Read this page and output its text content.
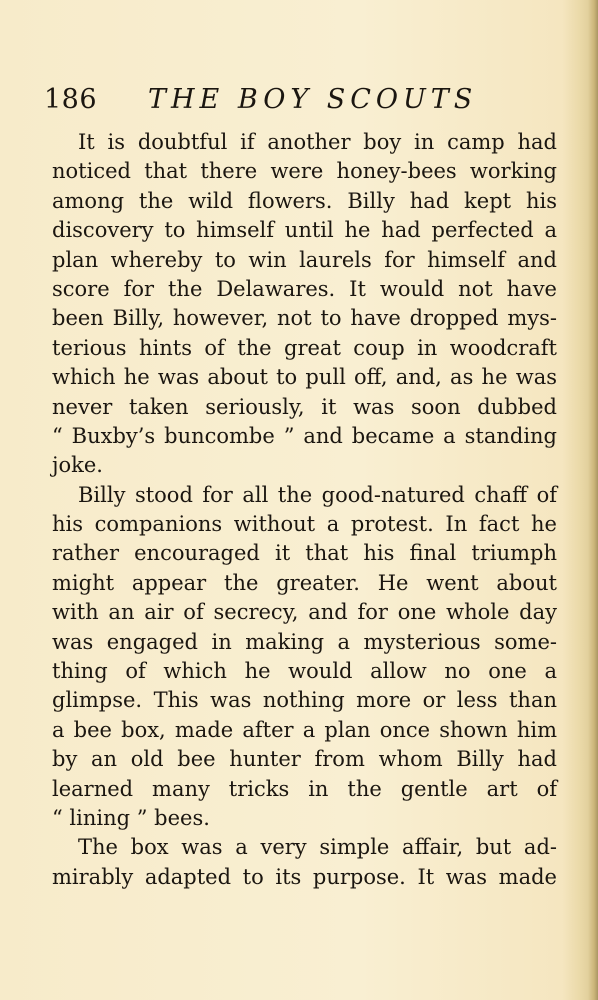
186 THE BOY SCOUTS
It is doubtful if another boy in camp had
noticed that there were honey-bees working
among the wild flowers. Billy had kept his
discovery to himself until he had perfected a
plan whereby to win laurels for himself and
score for the Delawares. It would not have
been Billy, however, not to have dropped mys-
terious hints of the great coup in woodcraft
which he was about to pull off, and, as he was
never taken seriously, it was soon dubbed
“ Buxby’s buncombe ” and became a standing
joke.
Billy stood for all the good-natured chaff of
his companions without a protest. In fact he
rather encouraged it that his final triumph
might appear the greater. He went about
with an air of secrecy, and for one whole day
was engaged in making a mysterious some-
thing of which he would allow no one a
glimpse. This was nothing more or less than
a bee box, made after a plan once shown him
by an old bee hunter from whom Billy had
learned many tricks in the gentle art of
“ lining ” bees.
The box was a very simple affair, but ad-
mirably adapted to its purpose. It was made
